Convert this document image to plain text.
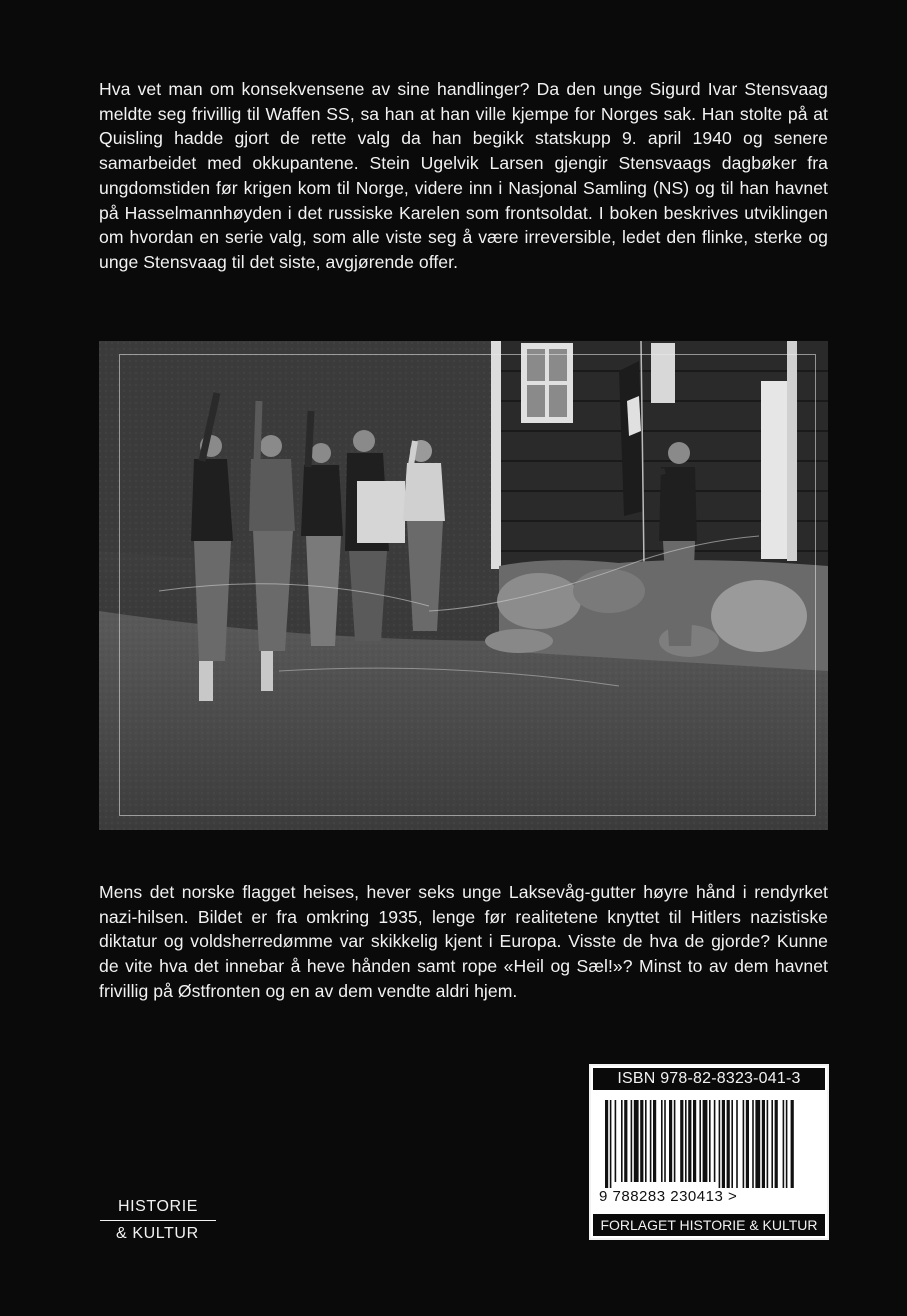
Hva vet man om konsekvensene av sine handlinger? Da den unge Sigurd Ivar Stensvaag meldte seg frivillig til Waffen SS, sa han at han ville kjempe for Norges sak. Han stolte på at Quisling hadde gjort de rette valg da han begikk statskupp 9. april 1940 og senere samarbeidet med okkupantene. Stein Ugelvik Larsen gjengir Stensvaags dagbøker fra ungdomstiden før krigen kom til Norge, videre inn i Nasjonal Samling (NS) og til han havnet på Hasselmannhøyden i det russiske Karelen som frontsoldat. I boken beskrives utviklingen om hvordan en serie valg, som alle viste seg å være irreversible, ledet den flinke, sterke og unge Stensvaag til det siste, avgjørende offer.

Mens det norske flagget heises, hever seks unge Laksevåg-gutter høyre hånd i rendyrket nazi-hilsen. Bildet er fra omkring 1935, lenge før realitetene knyttet til Hitlers nazistiske diktatur og voldsherredømme var skikkelig kjent i Europa. Visste de hva de gjorde? Kunne de vite hva det innebar å heve hånden samt rope «Heil og Sæl!»? Minst to av dem havnet frivillig på Østfronten og en av dem vendte aldri hjem.

ISBN 978-82-8323-041-3
9 788283 230413 >
FORLAGET HISTORIE & KULTUR
HISTORIE
& KULTUR
